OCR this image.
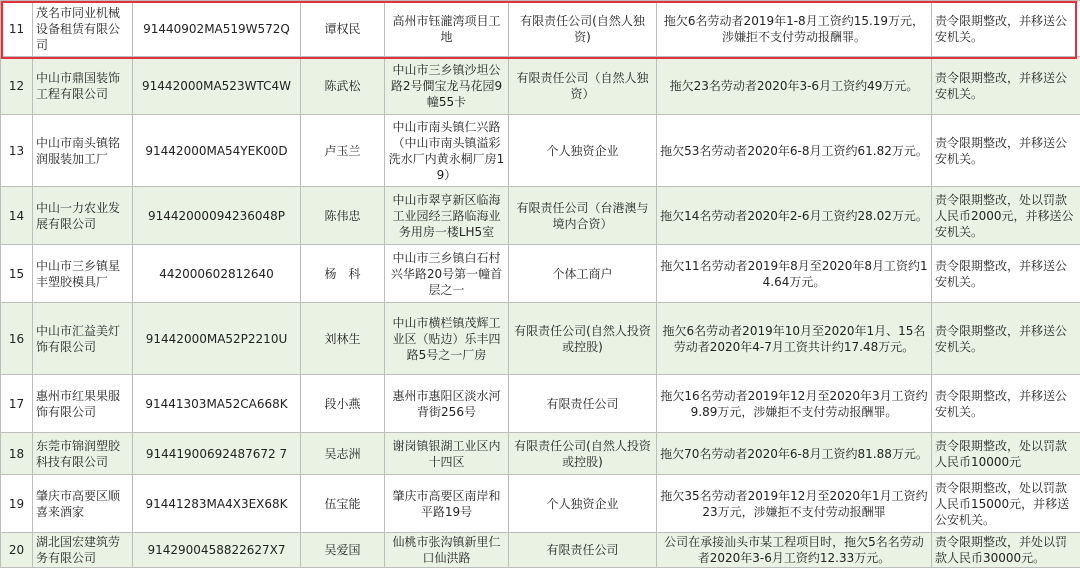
11	茂名市同业机械设备租赁有限公司	91440902MA519W572Q	谭权民	高州市钰瀧湾项目工地	有限责任公司(自然人独资)	拖欠6名劳动者2019年1-8月工资约15.19万元，涉嫌拒不支付劳动报酬罪。	责令限期整改，并移送公安机关。
12	中山市鼎国装饰工程有限公司	91442000MA523WTC4W	陈武松	中山市三乡镇沙坦公路2号僴宝龙马花园9幢55卡	有限责任公司（自然人独资）	拖欠23名劳动者2020年3-6月工资约49万元。	责令限期整改，并移送公安机关。
13	中山市南头镇铭润服装加工厂	91442000MA54YEK00D	卢玉兰	中山市南头镇仁兴路（中山市南头镇溢彩洗水厂内黄永桐厂房19）	个人独资企业	拖欠53名劳动者2020年6-8月工资约61.82万元。	责令限期整改，并移送公安机关。
14	中山一力农业发展有限公司	91442000094236048P	陈伟忠	中山市翠亨新区临海工业园经三路临海业务用房一楼LH5室	有限责任公司（台港澳与境内合资）	拖欠14名劳动者2020年2-6月工资约28.02万元。	责令限期整改，处以罚款人民币2000元，并移送公安机关。
15	中山市三乡镇星丰塑胶模具厂	442000602812640	杨　科	中山市三乡镇白石村兴华路20号第一幢首层之一	个体工商户	拖欠11名劳动者2019年8月至2020年8月工资约14.64万元。	责令限期整改，并移送公安机关。
16	中山市汇益美灯饰有限公司	91442000MA52P2210U	刘林生	中山市横栏镇茂辉工业区（贴边）乐丰四路5号之一厂房	有限责任公司(自然人投资或控股)	拖欠6名劳动者2019年10月至2020年1月、15名劳动者2020年4-7月工资共计约17.48万元。	责令限期整改，并移送公安机关。
17	惠州市红果果服饰有限公司	91441303MA52CA668K	段小燕	惠州市惠阳区淡水河背街256号	有限责任公司	拖欠16名劳动者2019年12月至2020年3月工资约9.89万元，涉嫌拒不支付劳动报酬罪。	责令限期整改，并移送公安机关。
18	东莞市锦润塑胶科技有限公司	91441900692487672 7	吴志洲	谢岗镇银湖工业区内十四区	有限责任公司(自然人投资或控股)	拖欠70名劳动者2020年6-8月工资约81.88万元。	责令限期整改，处以罚款人民币10000元
19	肇庆市高要区顺喜来酒家	91441283MA4X3EX68K	伍宝能	肇庆市高要区南岸和平路19号	个人独资企业	拖欠35名劳动者2019年12月至2020年1月工资约23万元，涉嫌拒不支付劳动报酬罪	责令限期整改，处以罚款人民币15000元，并移送公安机关。
20	湖北国宏建筑劳务有限公司	9142900458822627X7	吴爱国	仙桃市张沟镇新里仁口仙洪路	有限责任公司	公司在承接汕头市某工程项目时，拖欠5名名劳动者2020年3-6月工资约12.33万元。	责令限期整改，并处以罚款人民币30000元。
